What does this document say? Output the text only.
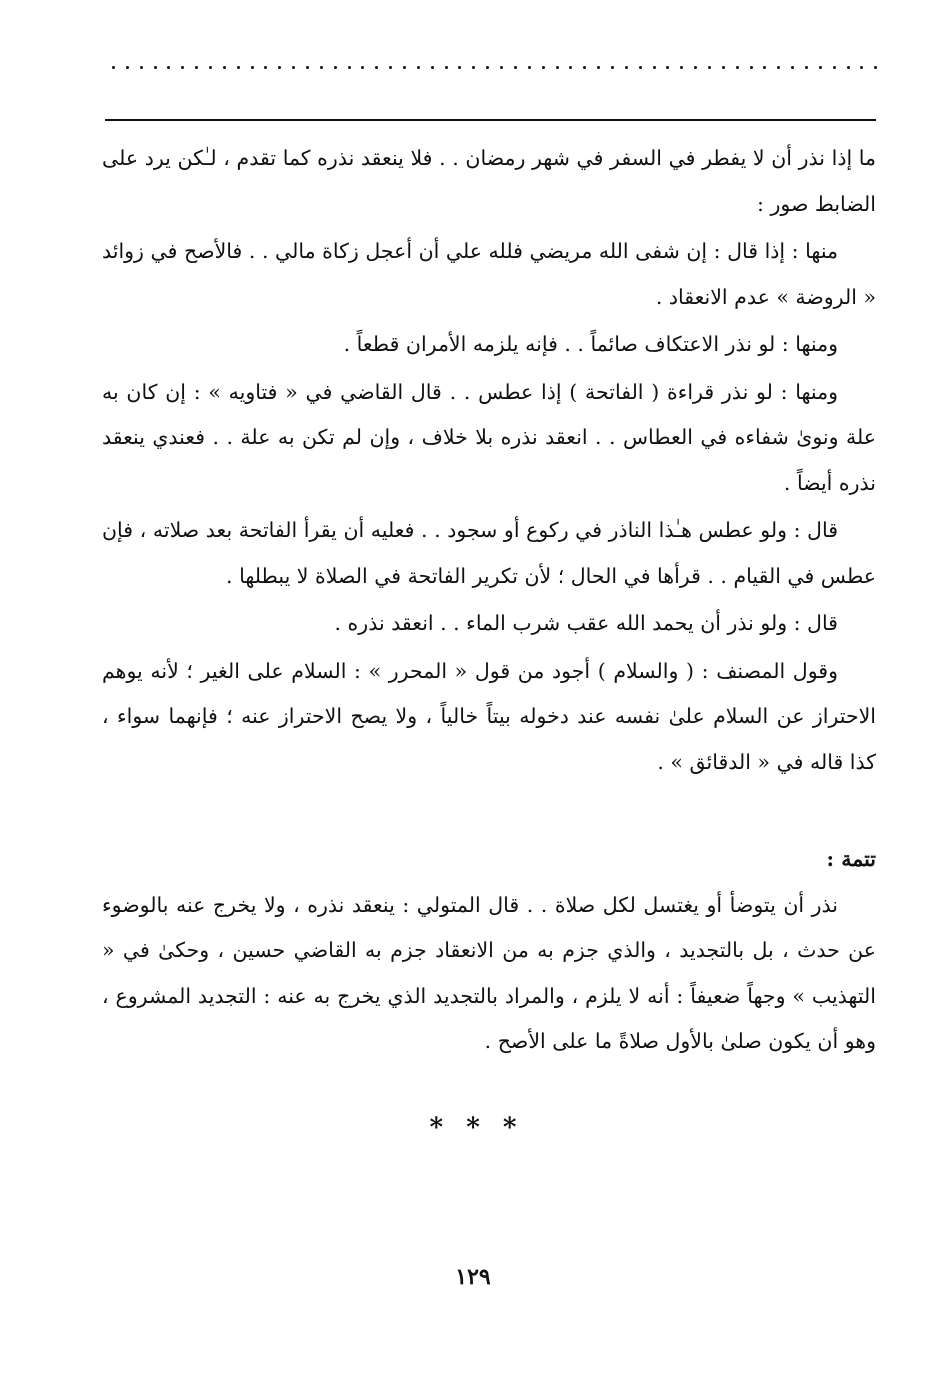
ما إذا نذر أن لا يفطر في السفر في شهر رمضان . . فلا ينعقد نذره كما تقدم ، لـٰكن يرد على الضابط صور :

منها : إذا قال : إن شفى الله مريضي فلله علي أن أعجل زكاة مالي . . فالأصح في زوائد « الروضة » عدم الانعقاد .

ومنها : لو نذر الاعتكاف صائماً . . فإنه يلزمه الأمران قطعاً .

ومنها : لو نذر قراءة ( الفاتحة ) إذا عطس . . قال القاضي في « فتاويه » : إن كان به علة ونوىٰ شفاءه في العطاس . . انعقد نذره بلا خلاف ، وإن لم تكن به علة . . فعندي ينعقد نذره أيضاً .

قال : ولو عطس هـٰذا الناذر في ركوع أو سجود . . فعليه أن يقرأ الفاتحة بعد صلاته ، فإن عطس في القيام . . قرأها في الحال ؛ لأن تكرير الفاتحة في الصلاة لا يبطلها .

قال : ولو نذر أن يحمد الله عقب شرب الماء . . انعقد نذره .

وقول المصنف : ( والسلام ) أجود من قول « المحرر » : السلام على الغير ؛ لأنه يوهم الاحتراز عن السلام علىٰ نفسه عند دخوله بيتاً خالياً ، ولا يصح الاحتراز عنه ؛ فإنهما سواء ، كذا قاله في « الدقائق » .

تتمة :

نذر أن يتوضأ أو يغتسل لكل صلاة . . قال المتولي : ينعقد نذره ، ولا يخرج عنه بالوضوء عن حدث ، بل بالتجديد ، والذي جزم به من الانعقاد جزم به القاضي حسين ، وحكىٰ في « التهذيب » وجهاً ضعيفاً : أنه لا يلزم ، والمراد بالتجديد الذي يخرج به عنه : التجديد المشروع ، وهو أن يكون صلىٰ بالأول صلاةً ما على الأصح .

* * *
١٢٩
